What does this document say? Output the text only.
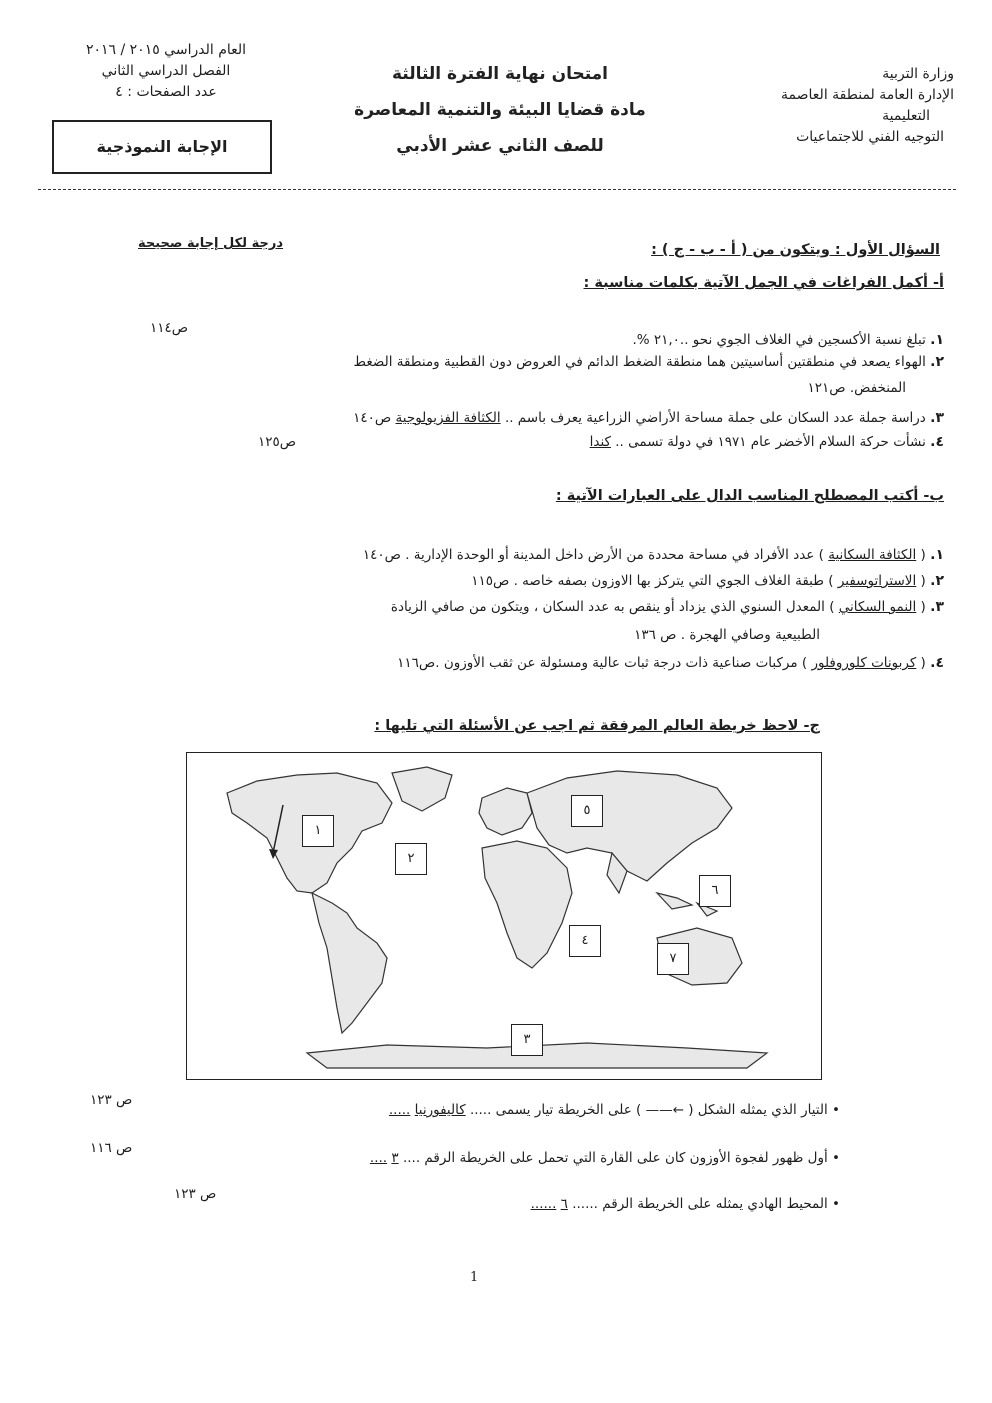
وزارة التربية
الإدارة العامة لمنطقة العاصمة
التعليمية
التوجيه الفني للاجتماعيات
امتحان نهاية الفترة الثالثة
مادة قضايا البيئة والتنمية المعاصرة
للصف الثاني عشر الأدبي
العام الدراسي ٢٠١٥ / ٢٠١٦
الفصل الدراسي الثاني
عدد الصفحات : ٤
الإجابة النموذجية
السؤال الأول : ويتكون من ( أ - ب - ج ) :
درجة لكل إجابة صحيحة
أ- أكمل الفراغات في الجمل الآتية بكلمات مناسبة :
١. تبلغ نسبة الأكسجين في الغلاف الجوي نحو ..٢١,٠ %.
ص١١٤
٢. الهواء يصعد في منطقتين أساسيتين هما منطقة الضغط الدائم في العروض دون القطبية ومنطقة الضغط
المنخفض. ص١٢١
٣. دراسة جملة عدد السكان على جملة مساحة الأراضي الزراعية يعرف باسم .. الكثافة الفزيولوجية ص١٤٠
٤. نشأت حركة السلام الأخضر عام ١٩٧١ في دولة تسمى .. كندا
ص١٢٥
ب- أكتب المصطلح المناسب الدال على العبارات الآتية :
١. ( الكثافة السكانية ) عدد الأفراد في مساحة محددة من الأرض داخل المدينة أو الوحدة الإدارية . ص١٤٠
٢. ( الاستراتوسفير ) طبقة الغلاف الجوي التي يتركز بها الاوزون بصفه خاصه . ص١١٥
٣. ( النمو السكاني ) المعدل السنوي الذي يزداد أو ينقص به عدد السكان ، ويتكون من صافي الزيادة
الطبيعية وصافي الهجرة . ص ١٣٦
٤. ( كربونات كلوروفلور ) مركبات صناعية ذات درجة ثبات عالية ومسئولة عن ثقب الأوزون .ص١١٦
ج- لاحظ خريطة العالم المرفقة ثم اجب عن الأسئلة التي تليها :
١
٢
٣
٤
٥
٦
٧
• التيار الذي يمثله الشكل ( ←—— ) على الخريطة تيار يسمى ..... كاليفورنيا .....
ص ١٢٣
• أول ظهور لفجوة الأوزون كان على القارة التي تحمل على الخريطة الرقم .... ٣ ....
ص ١١٦
• المحيط الهادي يمثله على الخريطة الرقم ...... ٦ ......
ص ١٢٣
1
